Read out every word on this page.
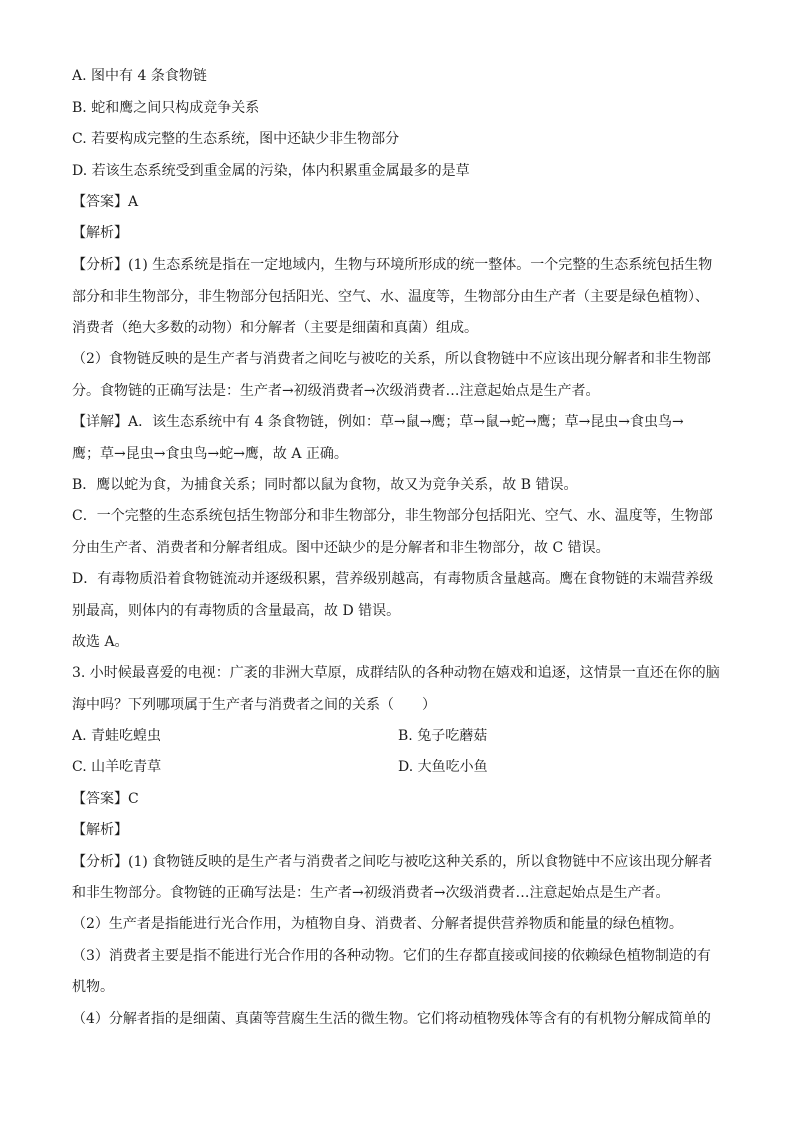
A. 图中有 4 条食物链
B. 蛇和鹰之间只构成竞争关系
C. 若要构成完整的生态系统，图中还缺少非生物部分
D. 若该生态系统受到重金属的污染，体内积累重金属最多的是草
【答案】A
【解析】
【分析】(1) 生态系统是指在一定地域内，生物与环境所形成的统一整体。一个完整的生态系统包括生物
部分和非生物部分，非生物部分包括阳光、空气、水、温度等，生物部分由生产者（主要是绿色植物）、
消费者（绝大多数的动物）和分解者（主要是细菌和真菌）组成。
（2）食物链反映的是生产者与消费者之间吃与被吃的关系，所以食物链中不应该出现分解者和非生物部
分。食物链的正确写法是：生产者→初级消费者→次级消费者…注意起始点是生产者。
【详解】A．该生态系统中有 4 条食物链，例如：草→鼠→鹰；草→鼠→蛇→鹰；草→昆虫→食虫鸟→
鹰；草→昆虫→食虫鸟→蛇→鹰，故 A 正确。
B．鹰以蛇为食，为捕食关系；同时都以鼠为食物，故又为竞争关系，故 B 错误。
C．一个完整的生态系统包括生物部分和非生物部分，非生物部分包括阳光、空气、水、温度等，生物部
分由生产者、消费者和分解者组成。图中还缺少的是分解者和非生物部分，故 C 错误。
D．有毒物质沿着食物链流动并逐级积累，营养级别越高，有毒物质含量越高。鹰在食物链的末端营养级
别最高，则体内的有毒物质的含量最高，故 D 错误。
故选 A。
3. 小时候最喜爱的电视：广袤的非洲大草原，成群结队的各种动物在嬉戏和追逐，这情景一直还在你的脑
海中吗？下列哪项属于生产者与消费者之间的关系（　　）
A. 青蛙吃蝗虫	B. 兔子吃蘑菇
C. 山羊吃青草	D. 大鱼吃小鱼
【答案】C
【解析】
【分析】(1) 食物链反映的是生产者与消费者之间吃与被吃这种关系的，所以食物链中不应该出现分解者
和非生物部分。食物链的正确写法是：生产者→初级消费者→次级消费者…注意起始点是生产者。
（2）生产者是指能进行光合作用，为植物自身、消费者、分解者提供营养物质和能量的绿色植物。
（3）消费者主要是指不能进行光合作用的各种动物。它们的生存都直接或间接的依赖绿色植物制造的有
机物。
（4）分解者指的是细菌、真菌等营腐生生活的微生物。它们将动植物残体等含有的有机物分解成简单的
